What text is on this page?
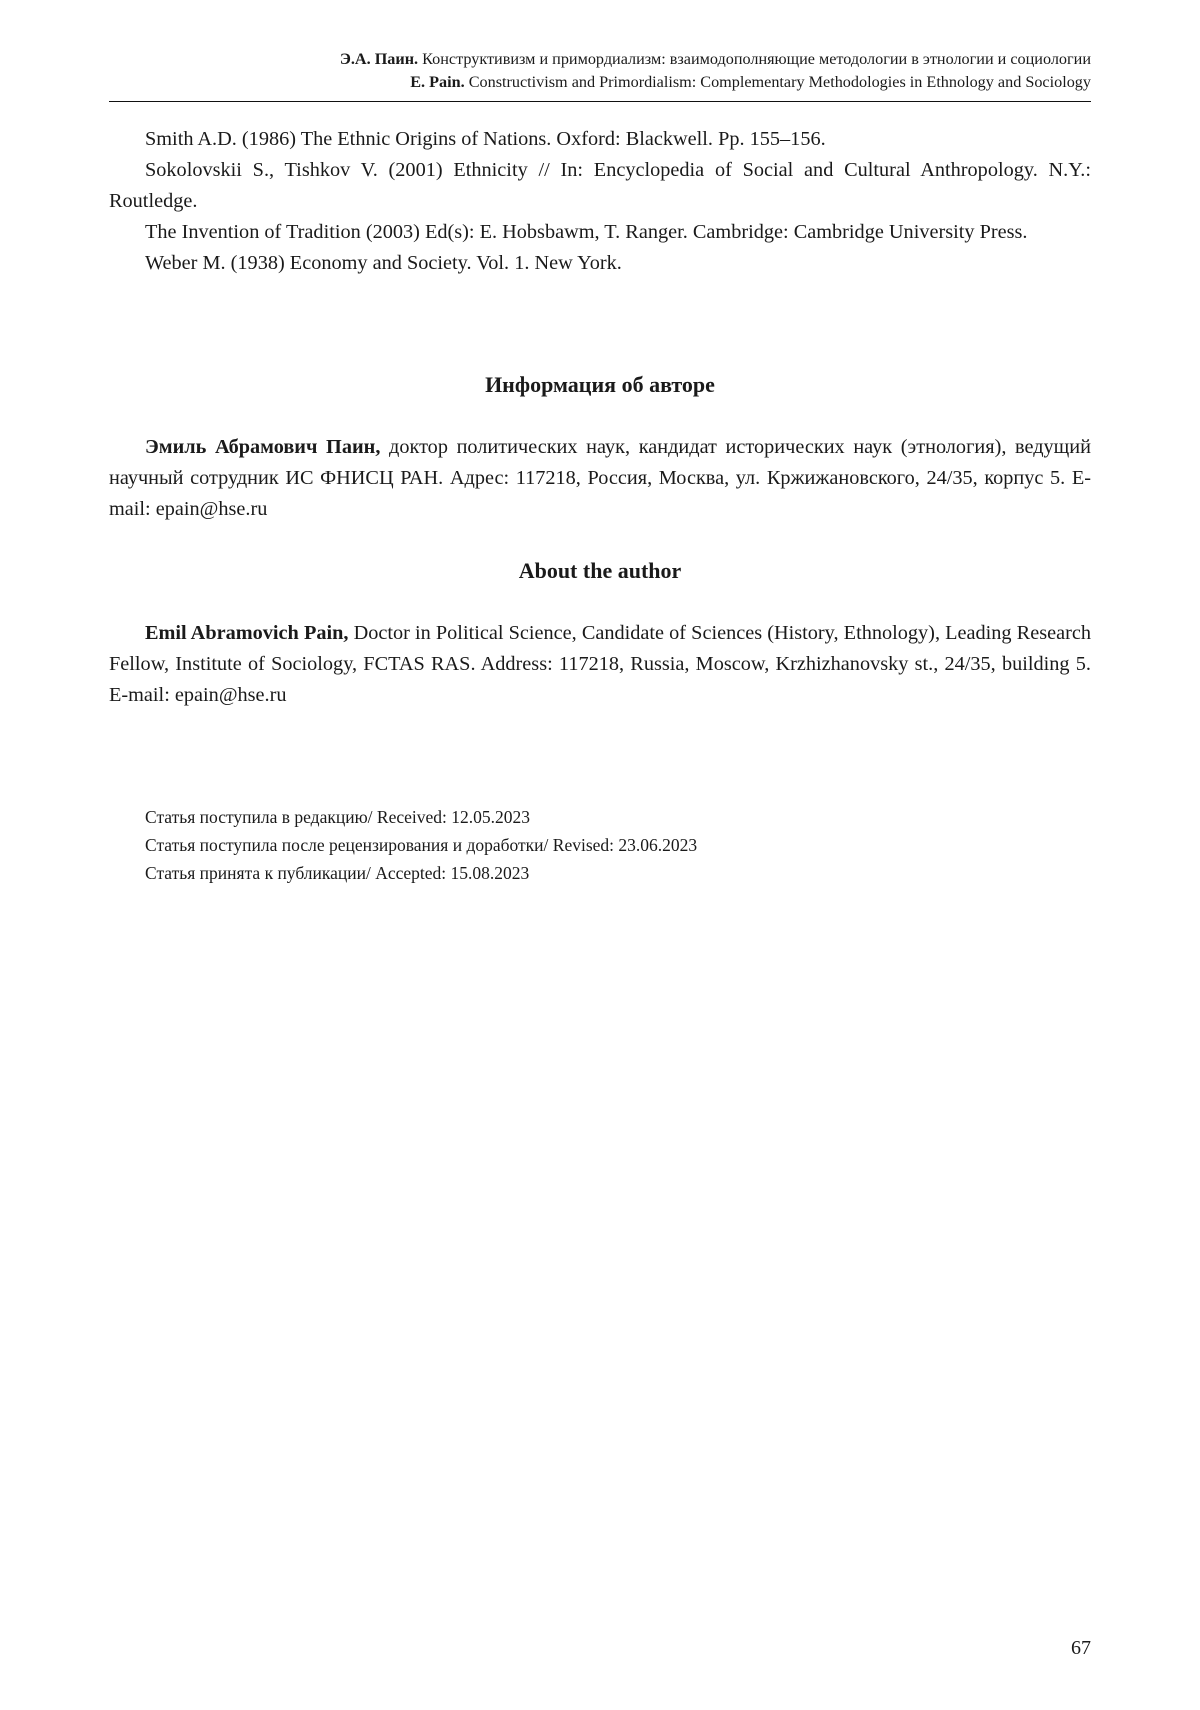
Э.А. Паин. Конструктивизм и примордиализм: взаимодополняющие методологии в этнологии и социологии
E. Pain. Constructivism and Primordialism: Complementary Methodologies in Ethnology and Sociology

Smith A.D. (1986) The Ethnic Origins of Nations. Oxford: Blackwell. Pp. 155–156.

Sokolovskii S., Tishkov V. (2001) Ethnicity // In: Encyclopedia of Social and Cultural Anthropology. N.Y.: Routledge.

The Invention of Tradition (2003) Ed(s): E. Hobsbawm, T. Ranger. Cambridge: Cambridge University Press.

Weber M. (1938) Economy and Society. Vol. 1. New York.

Информация об авторе

Эмиль Абрамович Паин, доктор политических наук, кандидат исторических наук (этнология), ведущий научный сотрудник ИС ФНИСЦ РАН. Адрес: 117218, Россия, Москва, ул. Кржижановского, 24/35, корпус 5. E-mail: epain@hse.ru

About the author

Emil Abramovich Pain, Doctor in Political Science, Candidate of Sciences (History, Ethnology), Leading Research Fellow, Institute of Sociology, FCTAS RAS. Address: 117218, Russia, Moscow, Krzhizhanovsky st., 24/35, building 5. E-mail: epain@hse.ru

Статья поступила в редакцию/ Received: 12.05.2023

Статья поступила после рецензирования и доработки/ Revised: 23.06.2023

Статья принята к публикации/ Accepted: 15.08.2023

67
